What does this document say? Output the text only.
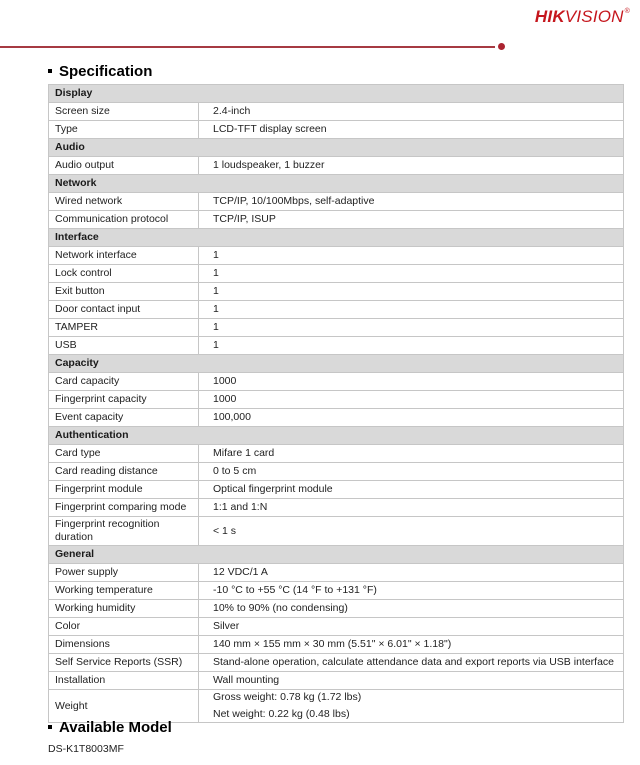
HIKVISION®
Specification
Display	
Screen size	2.4-inch

Type	LCD-TFT display screen

Audio	
Audio output	1 loudspeaker, 1 buzzer

Network	
Wired network	TCP/IP, 10/100Mbps, self-adaptive

Communication protocol	TCP/IP, ISUP

Interface	
Network interface	1

Lock control	1

Exit button	1

Door contact input	1

TAMPER	1

USB	1

Capacity	
Card capacity	1000

Fingerprint capacity	1000

Event capacity	100,000

Authentication	
Card type	Mifare 1 card

Card reading distance	0 to 5 cm

Fingerprint module	Optical fingerprint module

Fingerprint comparing mode	1:1 and 1:N

Fingerprint recognition duration	< 1 s

General	
Power supply	12 VDC/1 A

Working temperature	-10 °C to +55 °C (14 °F to +131 °F)

Working humidity	10% to 90% (no condensing)

Color	Silver

Dimensions	140 mm × 155 mm × 30 mm (5.51" × 6.01" × 1.18")

Self Service Reports (SSR)	Stand-alone operation, calculate attendance data and export reports via USB interface

Installation	Wall mounting

Weight	Gross weight: 0.78 kg (1.72 lbs)
Net weight: 0.22 kg (0.48 lbs)
Available Model
DS-K1T8003MF
